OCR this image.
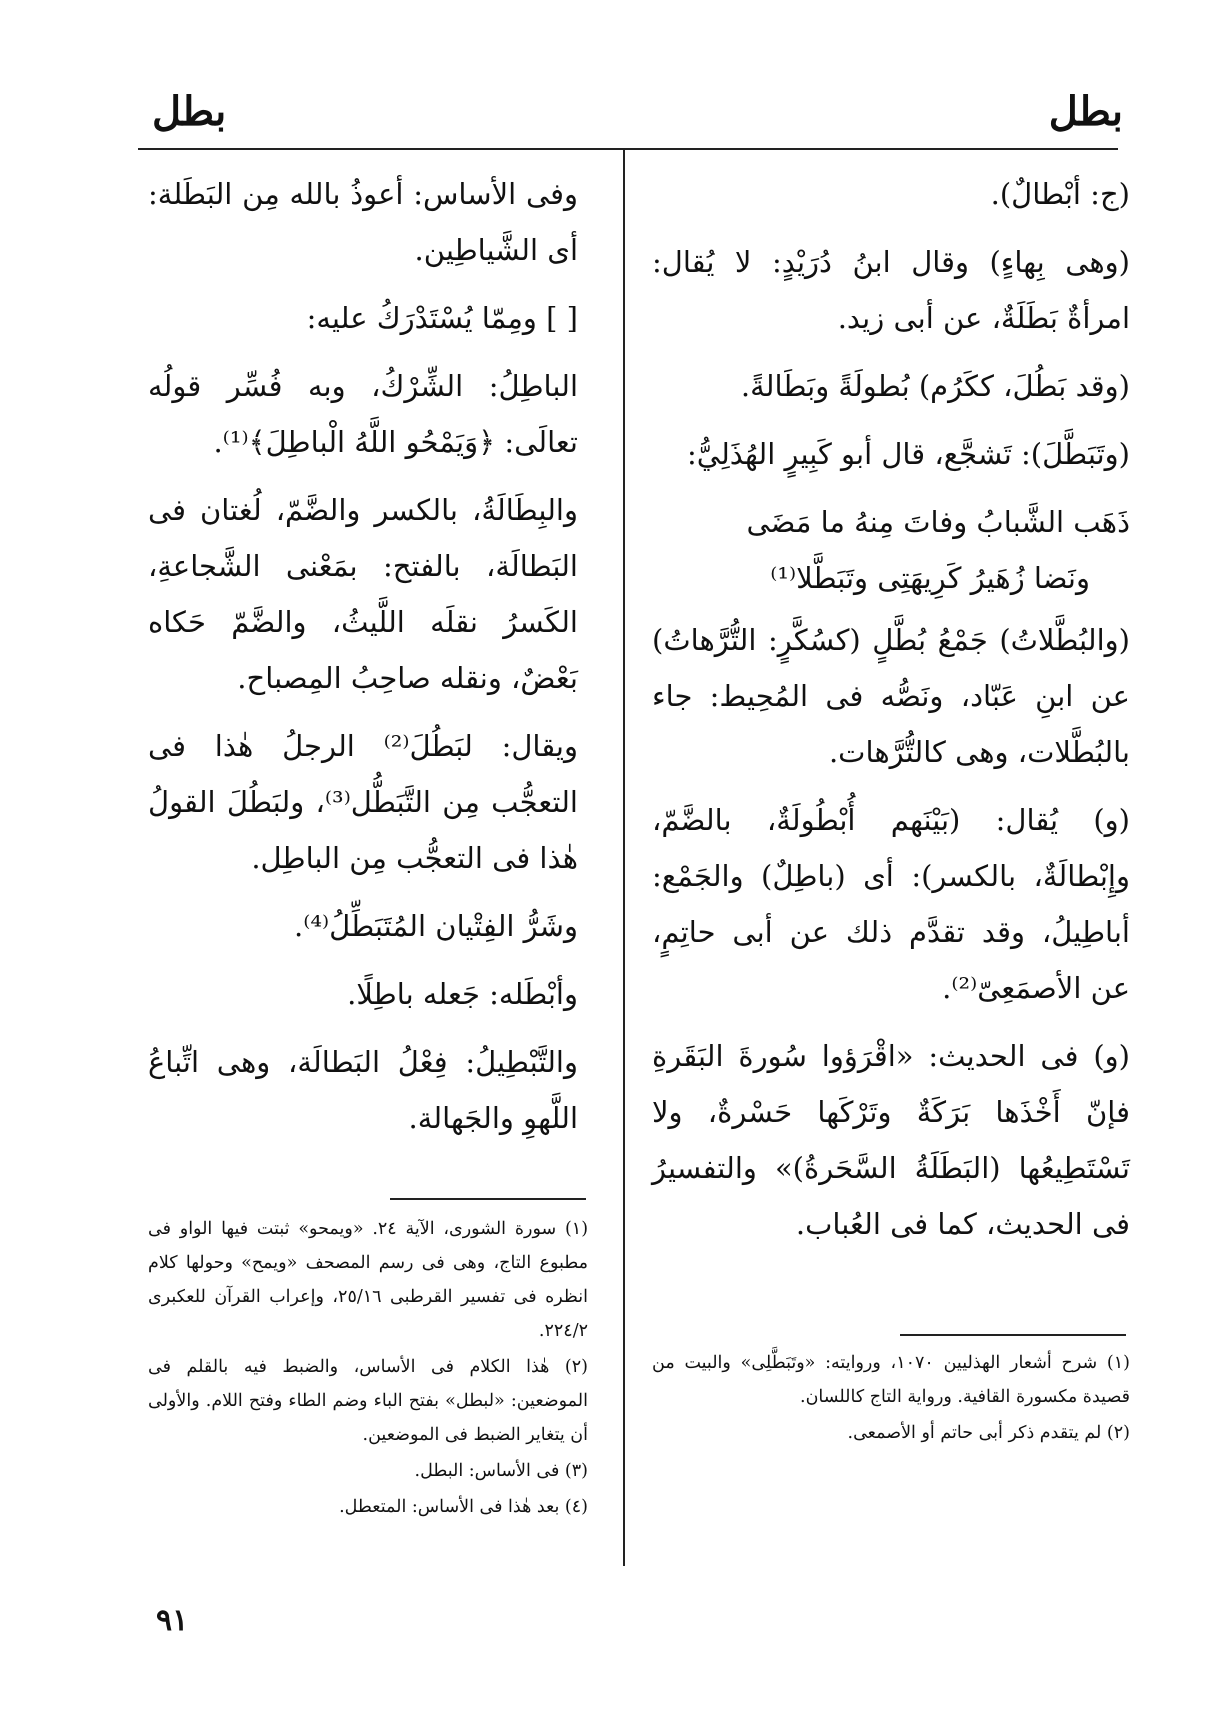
بطل
بطل

(ج: أبْطالٌ).

(وهى بِهاءٍ) وقال ابنُ دُرَيْدٍ: لا يُقال: امرأةٌ بَطَلَةٌ، عن أبى زيد.

(وقد بَطُلَ، ككَرُم) بُطولَةً وبَطَالةً.

(وتَبَطَّلَ): تَشجَّع، قال أبو كَبِيرٍ الهُذَلِيُّ:

ذَهَب الشَّبابُ وفاتَ مِنهُ ما مَضَى

ونَضا زُهَيرُ كَرِيهَتِى وتَبَطَّلا⁽¹⁾

(والبُطَّلاتُ) جَمْعُ بُطَّلٍ (كسُكَّرٍ: التُّرَّهاتُ) عن ابنِ عَبّاد، ونَصُّه فى المُحِيط: جاء بالبُطَّلات، وهى كالتُّرَّهات.

(و) يُقال: (بَيْنَهم أُبْطُولَةٌ، بالضَّمّ، وإِبْطالَةٌ، بالكسر): أى (باطِلٌ) والجَمْع: أباطِيلُ، وقد تقدَّم ذلك عن أبى حاتِمٍ، عن الأصمَعِىّ⁽²⁾.

(و) فى الحديث: «اقْرَؤوا سُورةَ البَقَرةِ فإنّ أَخْذَها بَرَكَةٌ وتَرْكَها حَسْرةٌ، ولا تَسْتَطِيعُها (البَطَلَةُ السَّحَرةُ)» والتفسيرُ فى الحديث، كما فى العُباب.

(١) شرح أشعار الهذليين ١٠٧٠، وروايته: «وتَبَطَّلِى» والبيت من قصيدة مكسورة القافية. ورواية التاج كاللسان.

(٢) لم يتقدم ذكر أبى حاتم أو الأصمعى.

وفى الأساس: أعوذُ بالله مِن البَطَلة: أى الشَّياطِين.

[ ] ومِمّا يُسْتَدْرَكُ عليه:

الباطِلُ: الشِّرْكُ، وبه فُسِّر قولُه تعالَى: ﴿وَيَمْحُو اللَّهُ الْباطِلَ﴾⁽¹⁾.

والبِطَالَةُ، بالكسر والضَّمّ، لُغتان فى البَطالَة، بالفتح: بمَعْنى الشَّجاعةِ، الكَسرُ نقلَه اللَّيثُ، والضَّمّ حَكاه بَعْضٌ، ونقله صاحِبُ المِصباح.

ويقال: لبَطُلَ⁽²⁾ الرجلُ هٰذا فى التعجُّب مِن التَّبَطُّل⁽³⁾، ولبَطُلَ القولُ هٰذا فى التعجُّب مِن الباطِل.

وشَرُّ الفِتْيان المُتَبَطِّلُ⁽⁴⁾.

وأبْطَله: جَعله باطِلًا.

والتَّبْطِيلُ: فِعْلُ البَطالَة، وهى اتِّباعُ اللَّهوِ والجَهالة.

(١) سورة الشورى، الآية ٢٤. «ويمحو» ثبتت فيها الواو فى مطبوع التاج، وهى فى رسم المصحف «ويمح» وحولها كلام انظره فى تفسير القرطبى ٢٥/١٦، وإعراب القرآن للعكبرى ٢٢٤/٢.

(٢) هٰذا الكلام فى الأساس، والضبط فيه بالقلم فى الموضعين: «لبطل» بفتح الباء وضم الطاء وفتح اللام. والأولى أن يتغاير الضبط فى الموضعين.

(٣) فى الأساس: البطل.

(٤) بعد هٰذا فى الأساس: المتعطل.

٩١
